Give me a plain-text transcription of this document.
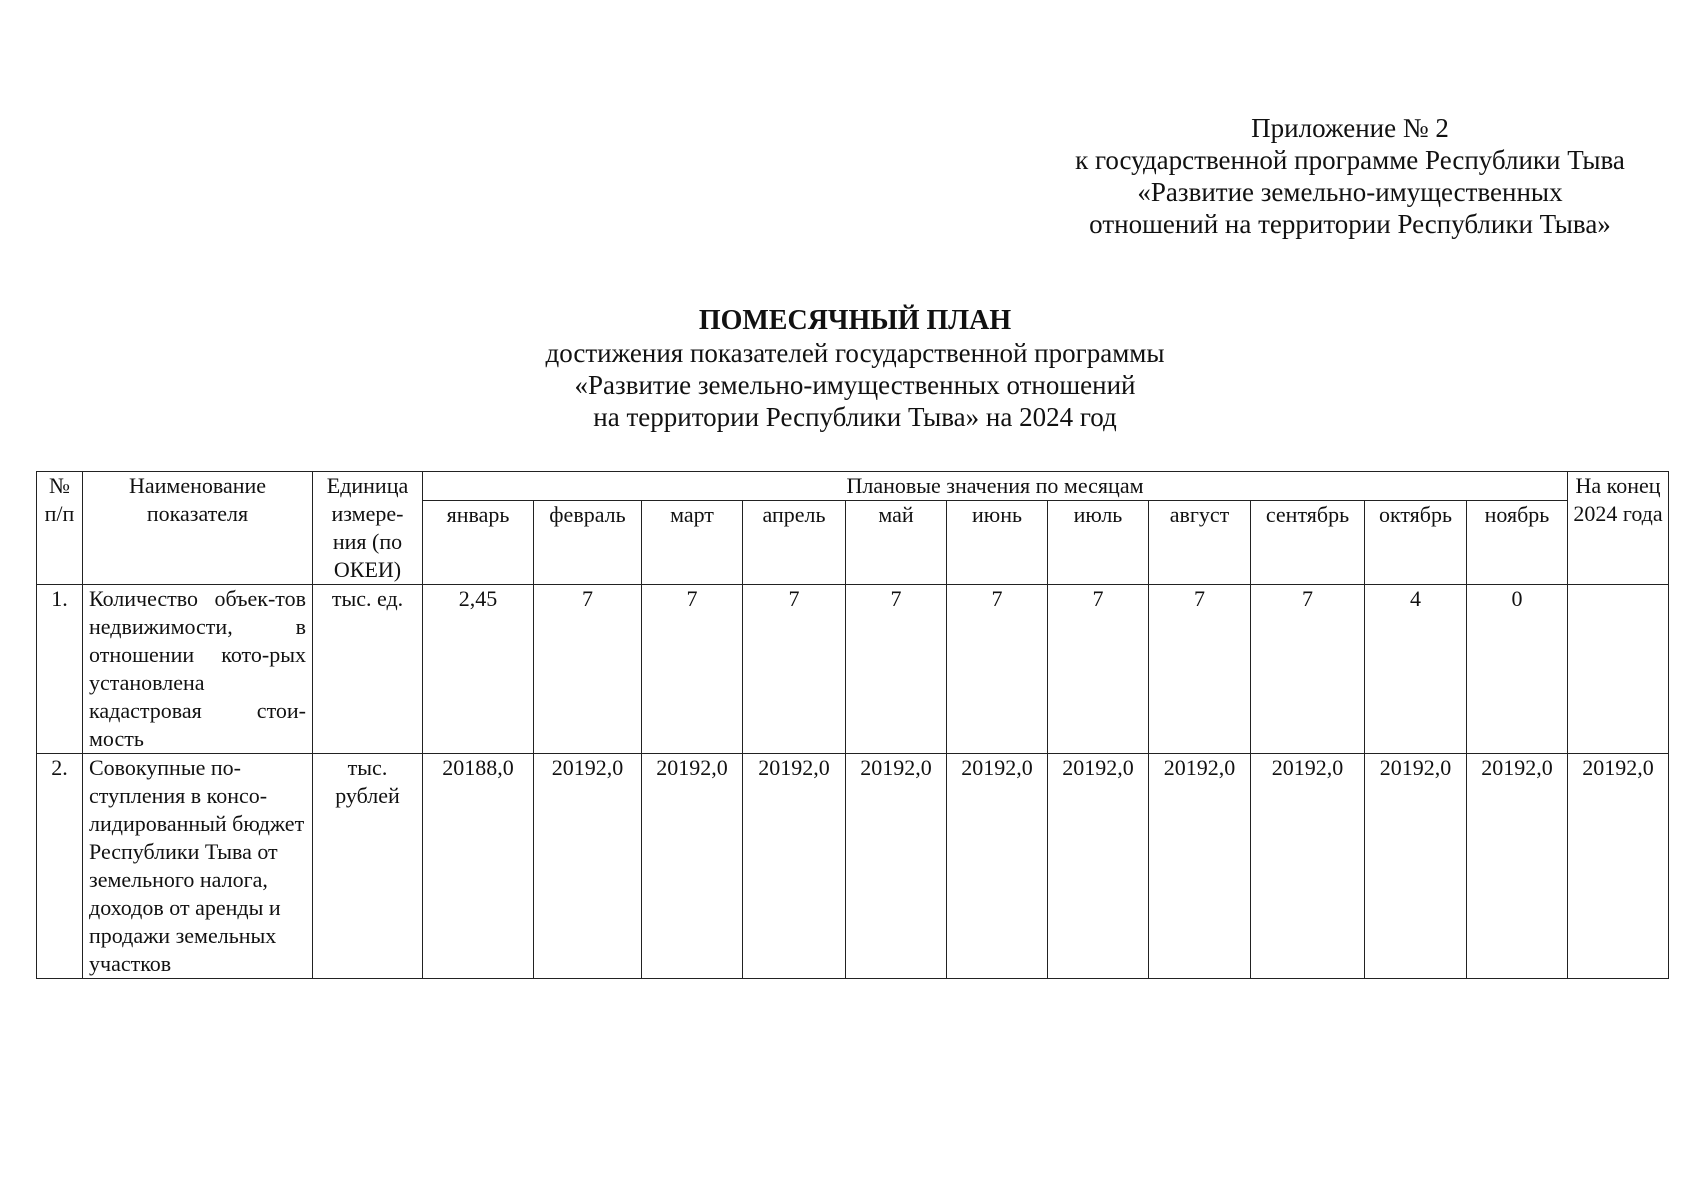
Приложение № 2
к государственной программе Республики Тыва
«Развитие земельно-имущественных
отношений на территории Республики Тыва»
ПОМЕСЯЧНЫЙ ПЛАН
достижения показателей государственной программы
«Развитие земельно-имущественных отношений
на территории Республики Тыва» на 2024 год
№ п/п	Наименование показателя	Единица измере-ния (по ОКЕИ)	Плановые значения по месяцам											На конец 2024 года
			январь	февраль	март	апрель	май	июнь	июль	август	сентябрь	октябрь	ноябрь	
1.	Количество объек-тов недвижимости, в отношении кото-рых установлена кадастровая стои-мость	тыс. ед.	2,45	7	7	7	7	7	7	7	7	4	0	
2.	Совокупные по-ступления в консо-лидированный бюджет Республики Тыва от земельного налога, доходов от аренды и продажи земельных участков	тыс. рублей	20188,0	20192,0	20192,0	20192,0	20192,0	20192,0	20192,0	20192,0	20192,0	20192,0	20192,0	20192,0
